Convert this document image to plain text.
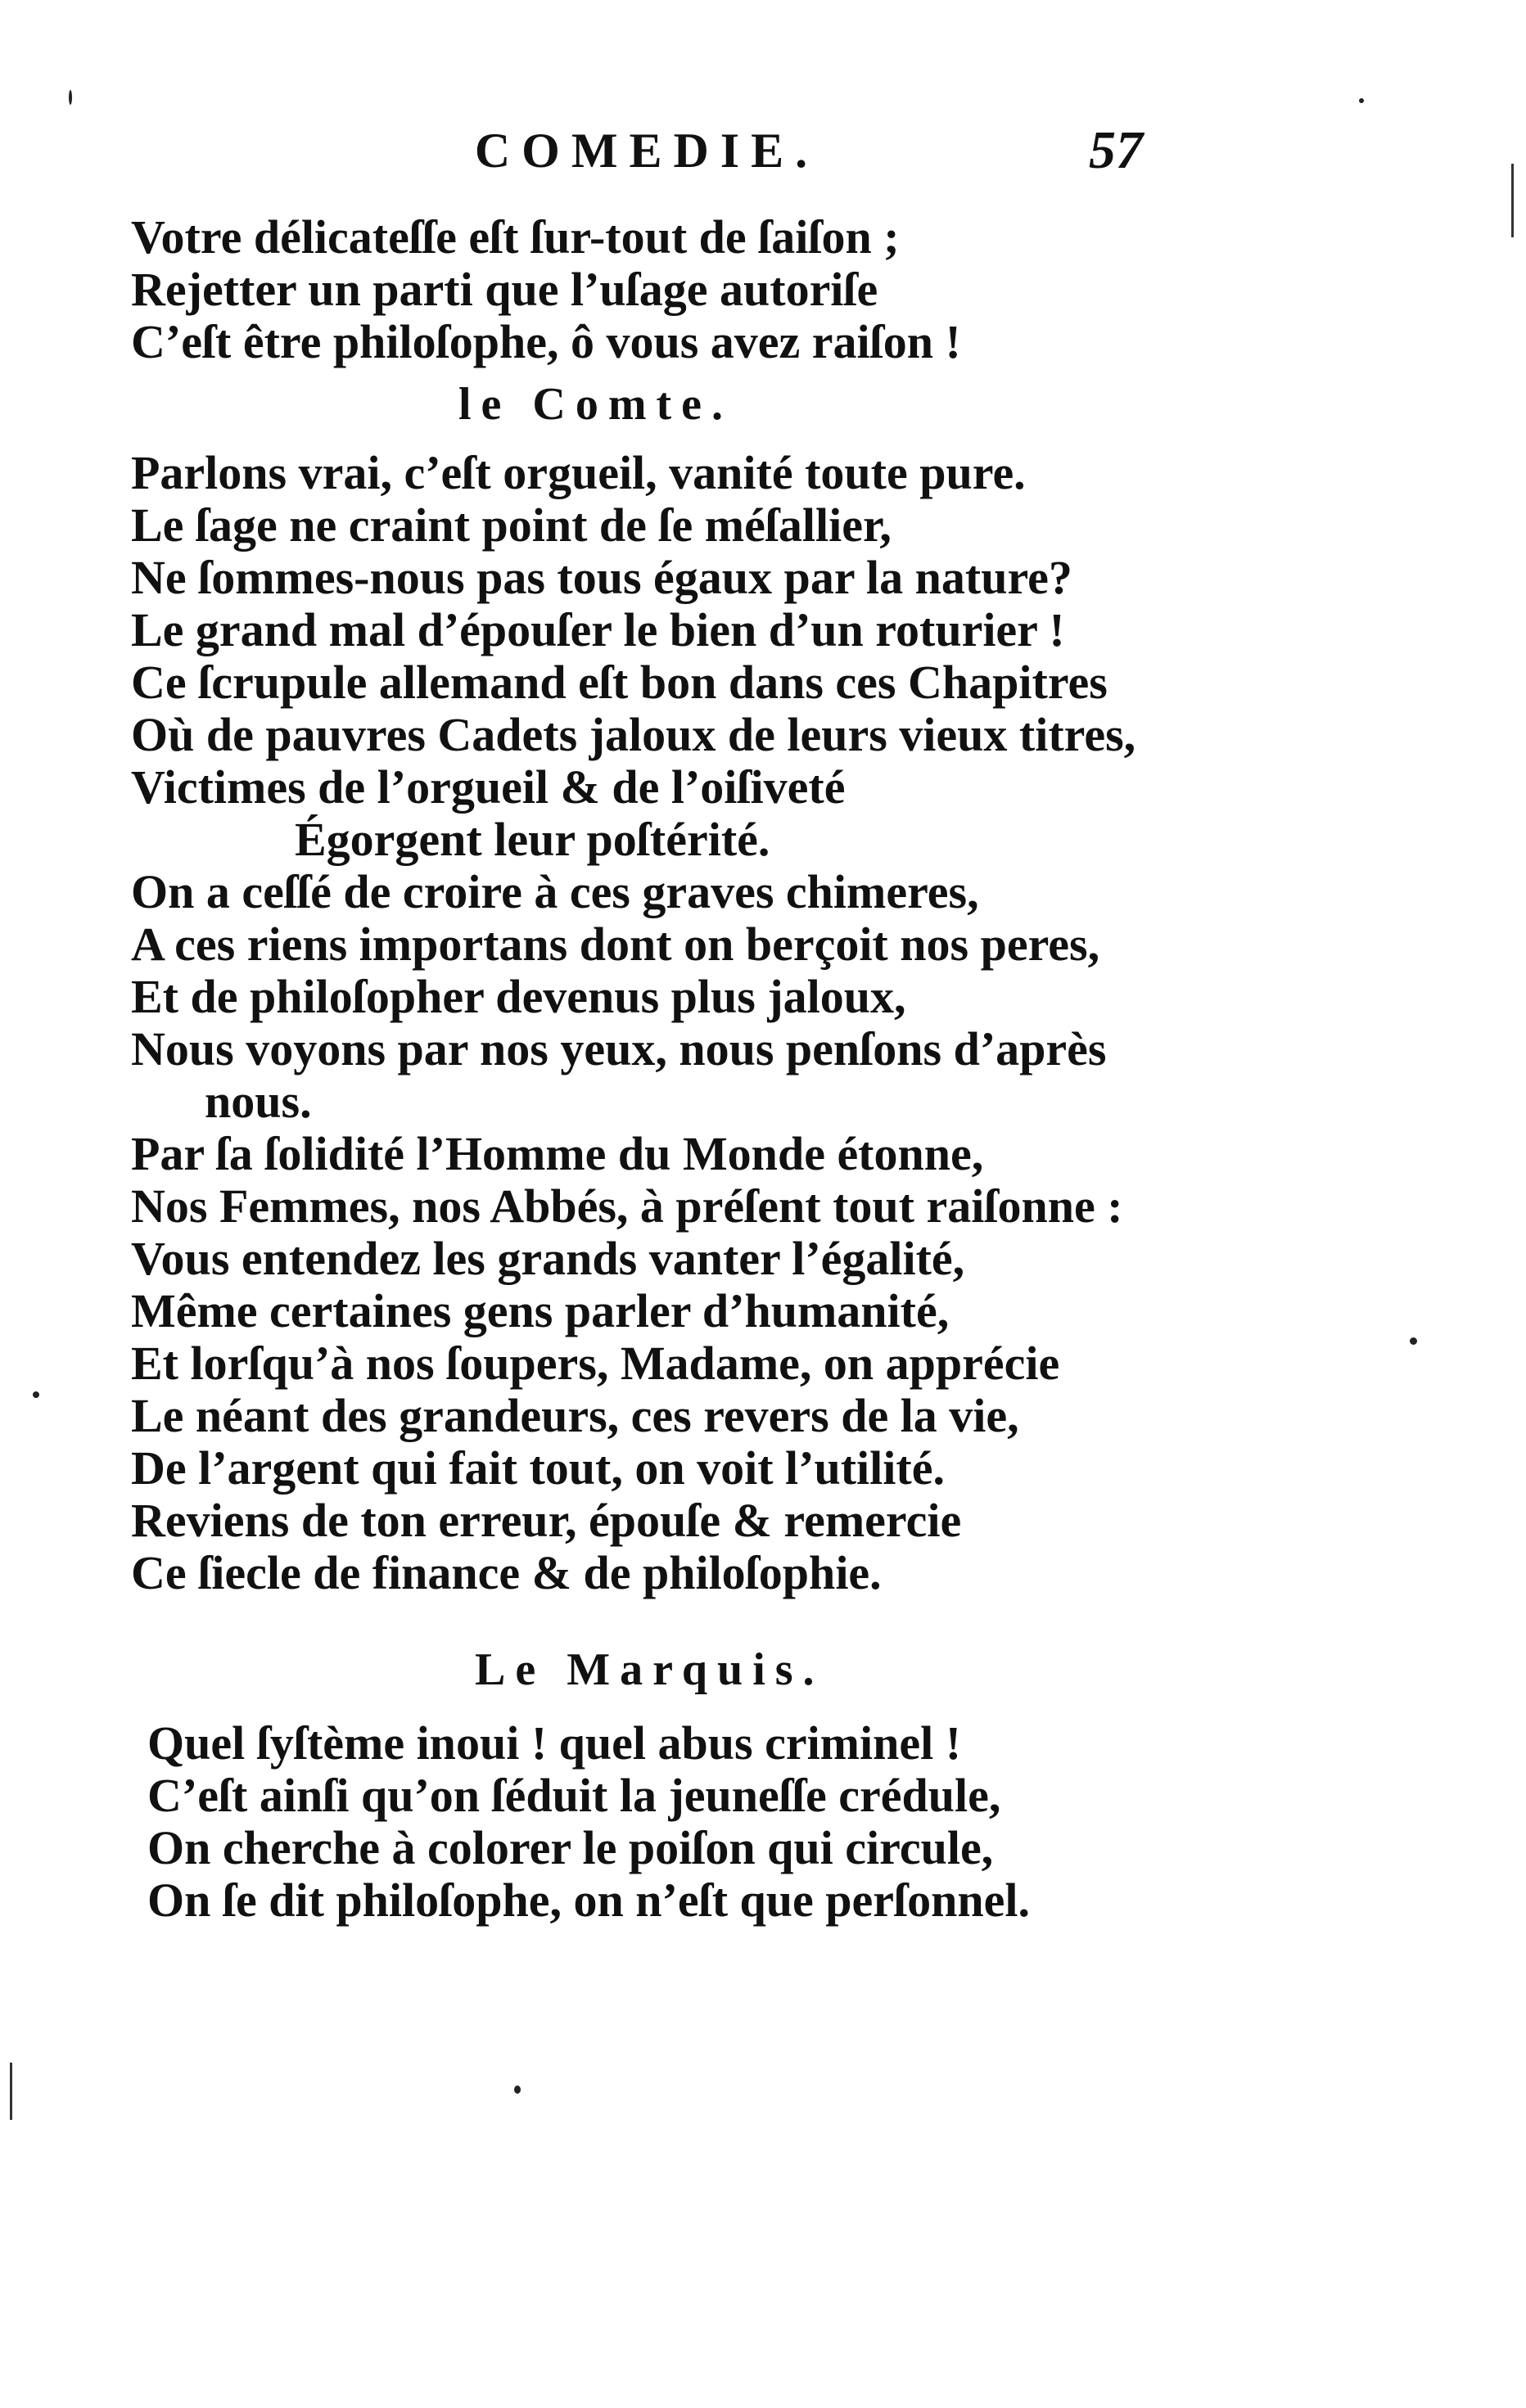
COMEDIE.	57
Votre délicateſſe eſt ſur-tout de ſaiſon ;
Rejetter un parti que l’uſage autoriſe
C’eſt être philoſophe, ô vous avez raiſon !
le Comte.
Parlons vrai, c’eſt orgueil, vanité toute pure.
Le ſage ne craint point de ſe méſallier,
Ne ſommes-nous pas tous égaux par la nature?
Le grand mal d’épouſer le bien d’un roturier !
Ce ſcrupule allemand eſt bon dans ces Chapitres
Où de pauvres Cadets jaloux de leurs vieux titres,
Victimes de l’orgueil & de l’oiſiveté
Égorgent leur poſtérité.
On a ceſſé de croire à ces graves chimeres,
A ces riens importans dont on berçoit nos peres,
Et de philoſopher devenus plus jaloux,
Nous voyons par nos yeux, nous penſons d’après
nous.
Par ſa ſolidité l’Homme du Monde étonne,
Nos Femmes, nos Abbés, à préſent tout raiſonne :
Vous entendez les grands vanter l’égalité,
Même certaines gens parler d’humanité,
Et lorſqu’à nos ſoupers, Madame, on apprécie
Le néant des grandeurs, ces revers de la vie,
De l’argent qui fait tout, on voit l’utilité.
Reviens de ton erreur, épouſe & remercie
Ce ſiecle de finance & de philoſophie.
Le Marquis.
Quel ſyſtème inoui ! quel abus criminel !
C’eſt ainſi qu’on ſéduit la jeuneſſe crédule,
On cherche à colorer le poiſon qui circule,
On ſe dit philoſophe, on n’eſt que perſonnel.
